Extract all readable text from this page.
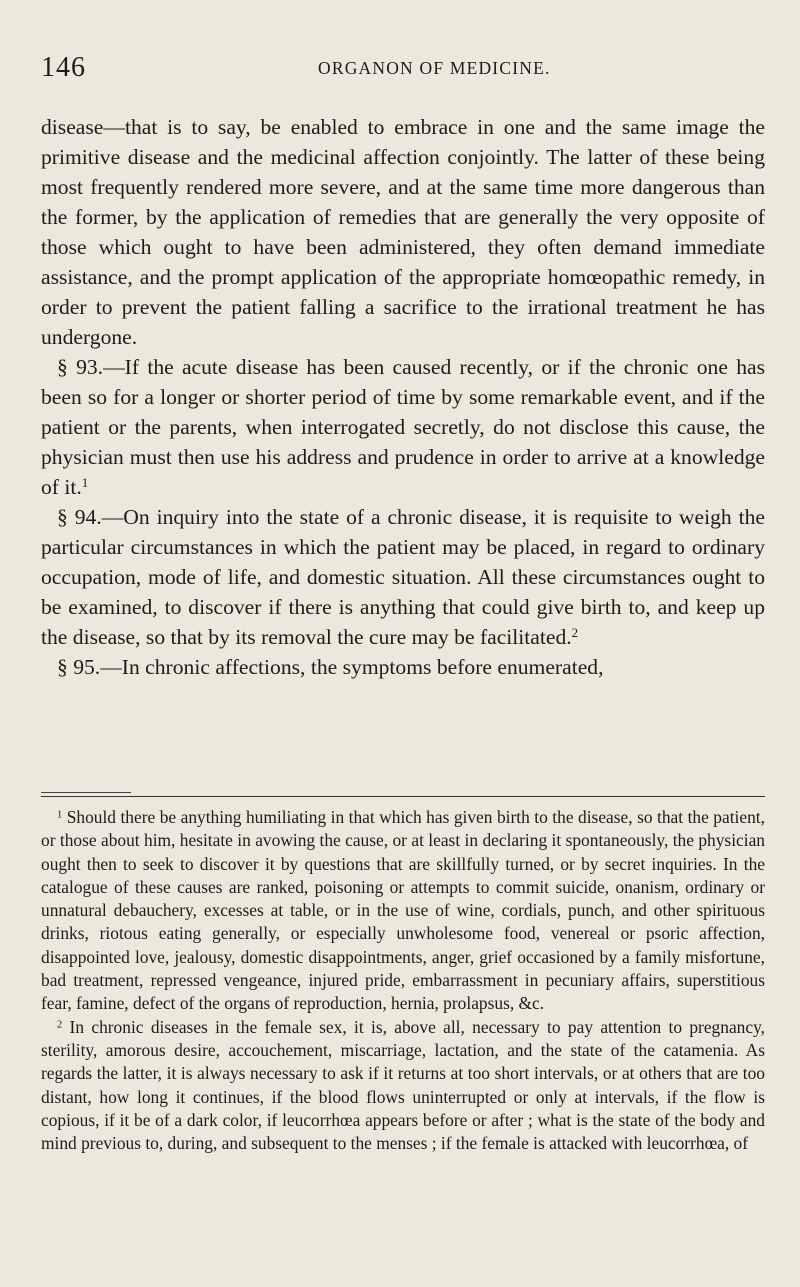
146	ORGANON OF MEDICINE.

disease—that is to say, be enabled to embrace in one and the same image the primitive disease and the medicinal affection conjointly. The latter of these being most frequently rendered more severe, and at the same time more dangerous than the former, by the application of remedies that are generally the very opposite of those which ought to have been administered, they often demand immediate assistance, and the prompt application of the appropriate homœopathic remedy, in order to prevent the patient falling a sacrifice to the irrational treatment he has undergone.

§ 93.—If the acute disease has been caused recently, or if the chronic one has been so for a longer or shorter period of time by some remarkable event, and if the patient or the parents, when interrogated secretly, do not disclose this cause, the physician must then use his address and prudence in order to arrive at a knowledge of it.$^1$

§ 94.—On inquiry into the state of a chronic disease, it is requisite to weigh the particular circumstances in which the patient may be placed, in regard to ordinary occupation, mode of life, and domestic situation. All these circumstances ought to be examined, to discover if there is anything that could give birth to, and keep up the disease, so that by its removal the cure may be facilitated.$^2$

§ 95.—In chronic affections, the symptoms before enumerated,

$^1$ Should there be anything humiliating in that which has given birth to the disease, so that the patient, or those about him, hesitate in avowing the cause, or at least in declaring it spontaneously, the physician ought then to seek to discover it by questions that are skillfully turned, or by secret inquiries. In the catalogue of these causes are ranked, poisoning or attempts to commit suicide, onanism, ordinary or unnatural debauchery, excesses at table, or in the use of wine, cordials, punch, and other spirituous drinks, riotous eating generally, or especially unwholesome food, venereal or psoric affection, disappointed love, jealousy, domestic disappointments, anger, grief occasioned by a family misfortune, bad treatment, repressed vengeance, injured pride, embarrassment in pecuniary affairs, superstitious fear, famine, defect of the organs of reproduction, hernia, prolapsus, &c.

$^2$ In chronic diseases in the female sex, it is, above all, necessary to pay attention to pregnancy, sterility, amorous desire, accouchement, miscarriage, lactation, and the state of the catamenia. As regards the latter, it is always necessary to ask if it returns at too short intervals, or at others that are too distant, how long it continues, if the blood flows uninterrupted or only at intervals, if the flow is copious, if it be of a dark color, if leucorrhœa appears before or after ; what is the state of the body and mind previous to, during, and subsequent to the menses ; if the female is attacked with leucorrhœa, of
